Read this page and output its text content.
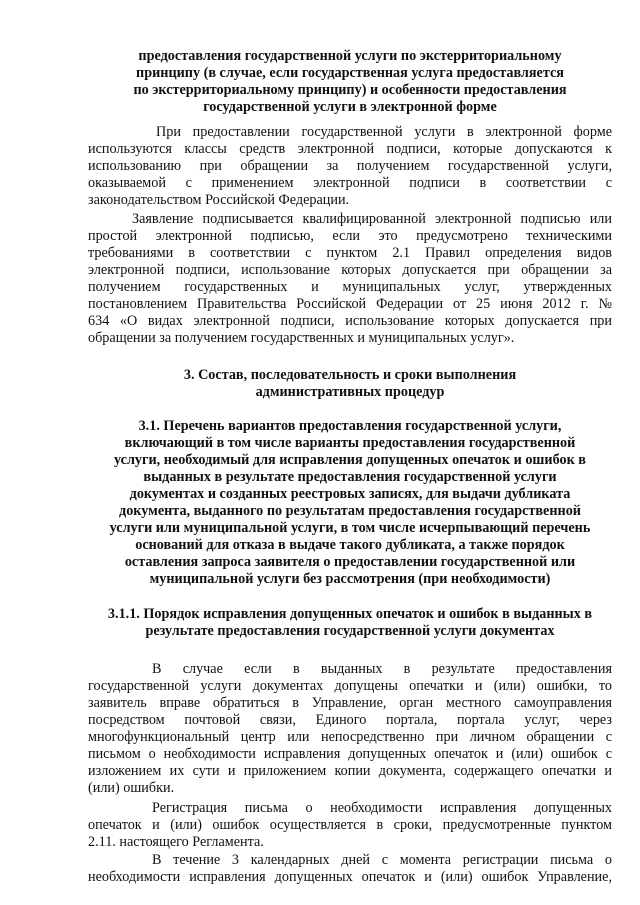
предоставления государственной услуги по экстерриториальному
принципу (в случае, если государственная услуга предоставляется
по экстерриториальному принципу) и особенности предоставления
государственной услуги в электронной форме
При предоставлении государственной услуги в электронной форме
используются классы средств электронной подписи, которые допускаются к
использованию при обращении за получением государственной услуги,
оказываемой с применением электронной подписи в соответствии с
законодательством Российской Федерации.
Заявление подписывается квалифицированной электронной подписью или
простой электронной подписью, если это предусмотрено техническими
требованиями в соответствии с пунктом 2.1 Правил определения видов
электронной подписи, использование которых допускается при обращении за
получением государственных и муниципальных услуг, утвержденных
постановлением Правительства Российской Федерации от 25 июня 2012 г. №
634 «О видах электронной подписи, использование которых допускается при
обращении за получением государственных и муниципальных услуг».
3. Состав, последовательность и сроки выполнения
административных процедур
3.1. Перечень вариантов предоставления государственной услуги,
включающий в том числе варианты предоставления государственной
услуги, необходимый для исправления допущенных опечаток и ошибок в
выданных в результате предоставления государственной услуги
документах и созданных реестровых записях, для выдачи дубликата
документа, выданного по результатам предоставления государственной
услуги или муниципальной услуги, в том числе исчерпывающий перечень
оснований для отказа в выдаче такого дубликата, а также порядок
оставления запроса заявителя о предоставлении государственной или
муниципальной услуги без рассмотрения (при необходимости)
3.1.1. Порядок исправления допущенных опечаток и ошибок в выданных в
результате предоставления государственной услуги документах
В случае если в выданных в результате предоставления
государственной услуги документах допущены опечатки и (или) ошибки, то
заявитель вправе обратиться в Управление, орган местного самоуправления
посредством почтовой связи, Единого портала, портала услуг, через
многофункциональный центр или непосредственно при личном обращении с
письмом о необходимости исправления допущенных опечаток и (или) ошибок с
изложением их сути и приложением копии документа, содержащего опечатки и
(или) ошибки.
Регистрация письма о необходимости исправления допущенных
опечаток и (или) ошибок осуществляется в сроки, предусмотренные пунктом
2.11. настоящего Регламента.
В течение 3 календарных дней с момента регистрации письма о
необходимости исправления допущенных опечаток и (или) ошибок Управление,
